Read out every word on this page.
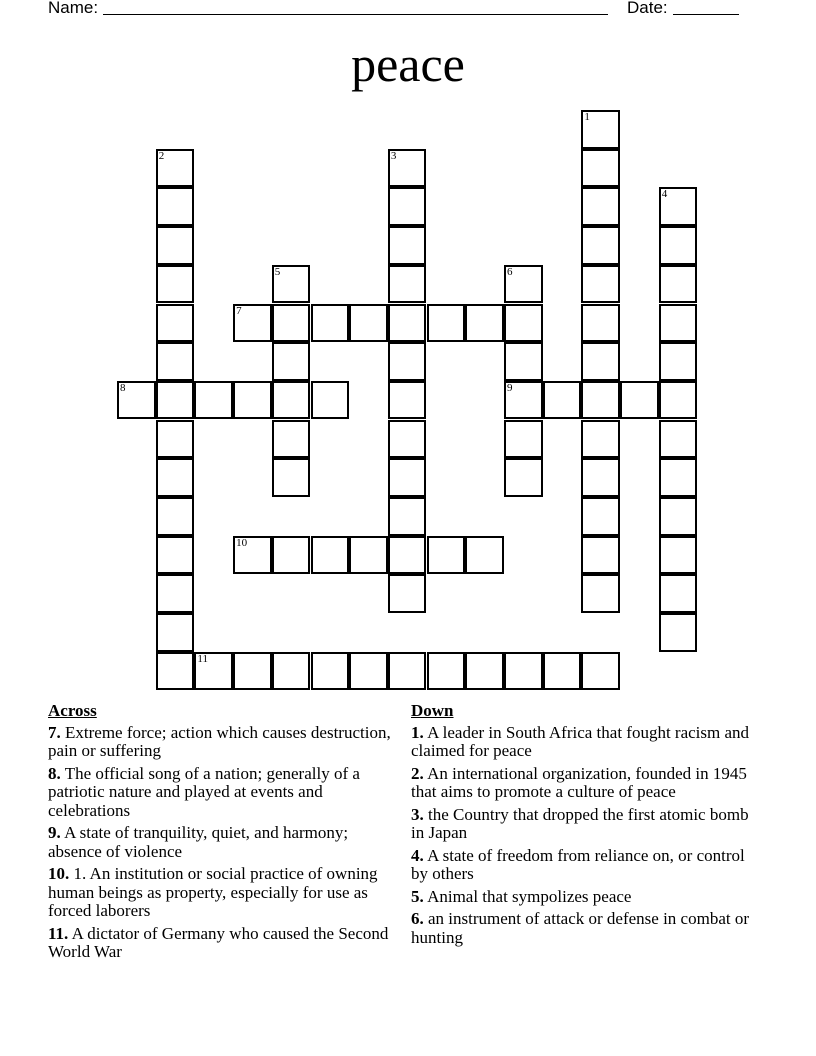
Name:	Date:
peace
1
2	3
4
5	6
9
7
8
10
11
Across
7. Extreme force; action which causes destruction, pain or suffering
8. The official song of a nation; generally of a patriotic nature and played at events and celebrations
9. A state of tranquility, quiet, and harmony; absence of violence
10. 1. An institution or social practice of owning human beings as property, especially for use as forced laborers
11. A dictator of Germany who caused the Second World War
Down
1. A leader in South Africa that fought racism and claimed for peace
2. An international organization, founded in 1945 that aims to promote a culture of peace
3. the Country that dropped the first atomic bomb in Japan
4. A state of freedom from reliance on, or control by others
5. Animal that sympolizes peace
6. an instrument of attack or defense in combat or hunting
